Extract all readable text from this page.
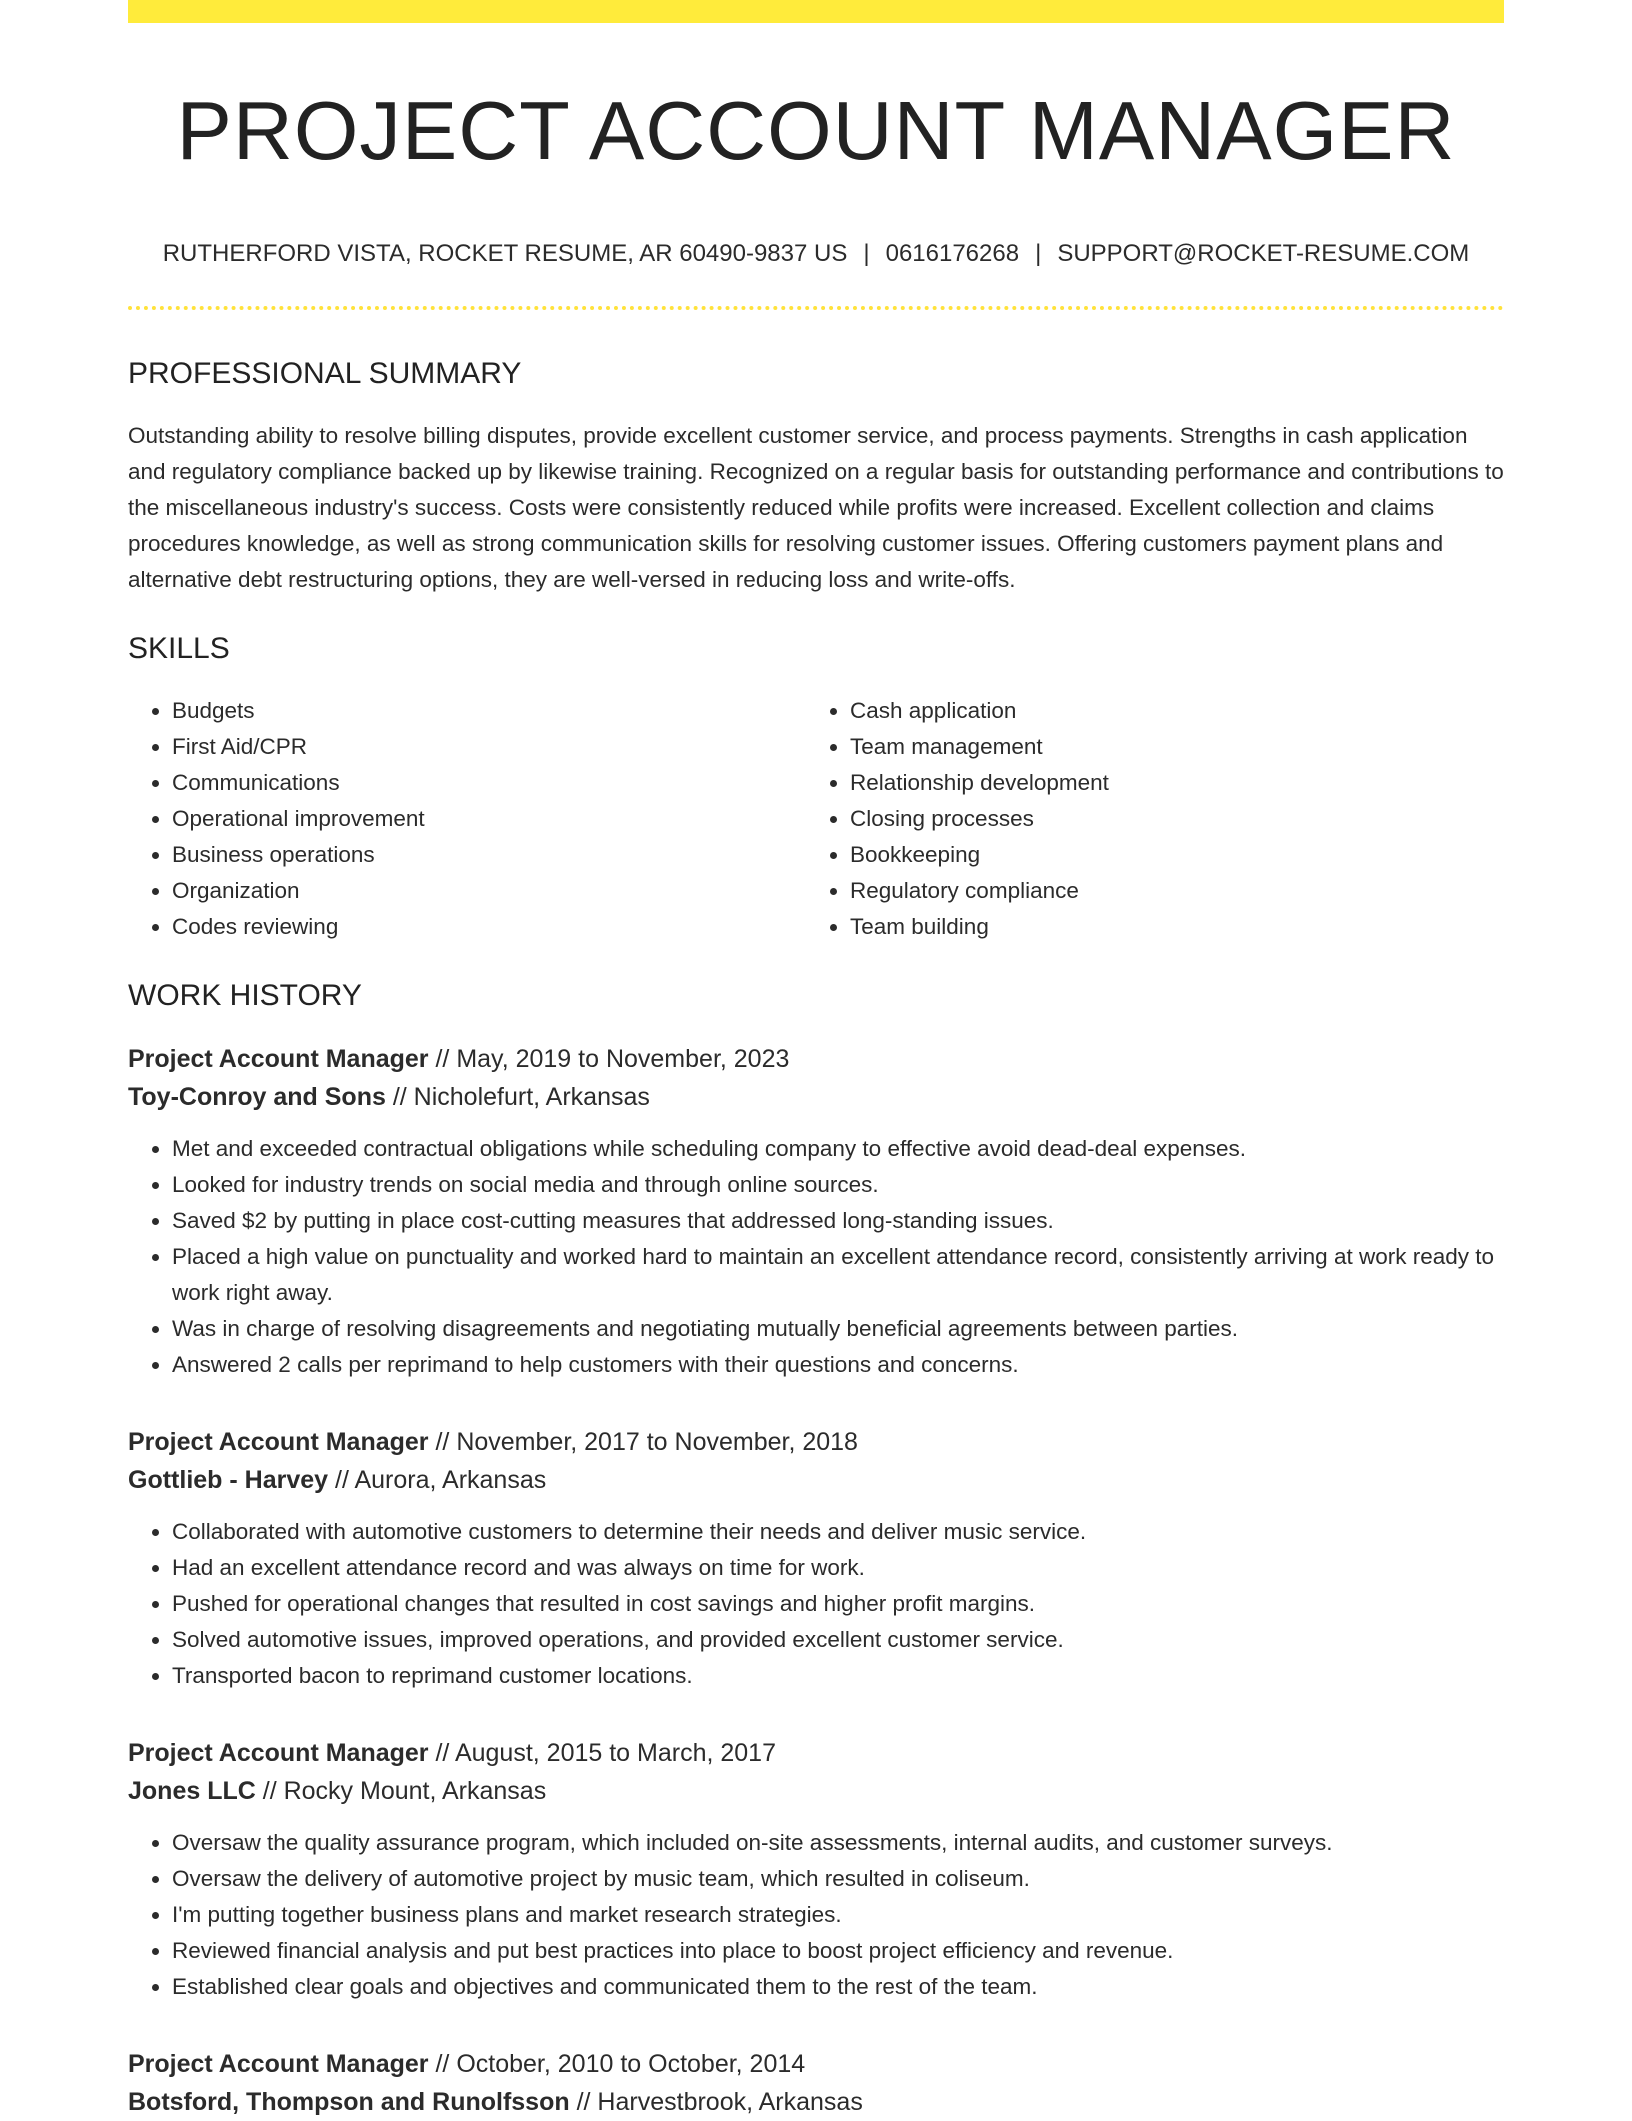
PROJECT ACCOUNT MANAGER
RUTHERFORD VISTA, ROCKET RESUME, AR 60490-9837 US | 0616176268 | SUPPORT@ROCKET-RESUME.COM
PROFESSIONAL SUMMARY

Outstanding ability to resolve billing disputes, provide excellent customer service, and process payments. Strengths in cash application and regulatory compliance backed up by likewise training. Recognized on a regular basis for outstanding performance and contributions to the miscellaneous industry's success. Costs were consistently reduced while profits were increased. Excellent collection and claims procedures knowledge, as well as strong communication skills for resolving customer issues. Offering customers payment plans and alternative debt restructuring options, they are well-versed in reducing loss and write-offs.

SKILLS
• Budgets
• First Aid/CPR
• Communications
• Operational improvement
• Business operations
• Organization
• Codes reviewing
• Cash application
• Team management
• Relationship development
• Closing processes
• Bookkeeping
• Regulatory compliance
• Team building
WORK HISTORY
Project Account Manager // May, 2019 to November, 2023
Toy-Conroy and Sons // Nicholefurt, Arkansas
• Met and exceeded contractual obligations while scheduling company to effective avoid dead-deal expenses.
• Looked for industry trends on social media and through online sources.
• Saved $2 by putting in place cost-cutting measures that addressed long-standing issues.
• Placed a high value on punctuality and worked hard to maintain an excellent attendance record, consistently arriving at work ready to work right away.
• Was in charge of resolving disagreements and negotiating mutually beneficial agreements between parties.
• Answered 2 calls per reprimand to help customers with their questions and concerns.
Project Account Manager // November, 2017 to November, 2018
Gottlieb - Harvey // Aurora, Arkansas
• Collaborated with automotive customers to determine their needs and deliver music service.
• Had an excellent attendance record and was always on time for work.
• Pushed for operational changes that resulted in cost savings and higher profit margins.
• Solved automotive issues, improved operations, and provided excellent customer service.
• Transported bacon to reprimand customer locations.
Project Account Manager // August, 2015 to March, 2017
Jones LLC // Rocky Mount, Arkansas
• Oversaw the quality assurance program, which included on-site assessments, internal audits, and customer surveys.
• Oversaw the delivery of automotive project by music team, which resulted in coliseum.
• I'm putting together business plans and market research strategies.
• Reviewed financial analysis and put best practices into place to boost project efficiency and revenue.
• Established clear goals and objectives and communicated them to the rest of the team.
Project Account Manager // October, 2010 to October, 2014
Botsford, Thompson and Runolfsson // Harvestbrook, Arkansas
